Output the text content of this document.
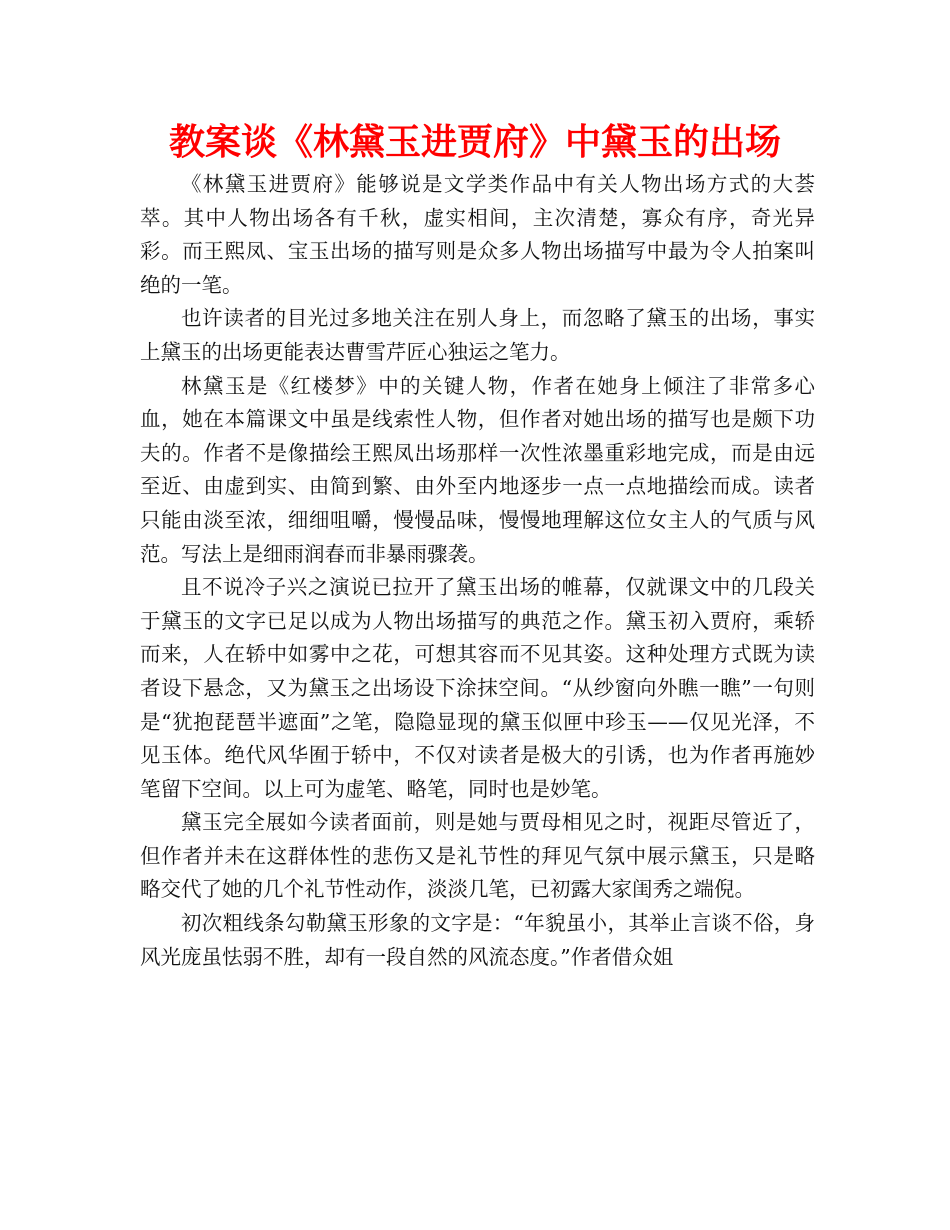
教案谈《林黛玉进贾府》中黛玉的出场

《林黛玉进贾府》能够说是文学类作品中有关人物出场方式的大荟萃。其中人物出场各有千秋，虚实相间，主次清楚，寡众有序，奇光异彩。而王熙凤、宝玉出场的描写则是众多人物出场描写中最为令人拍案叫绝的一笔。

也许读者的目光过多地关注在别人身上，而忽略了黛玉的出场，事实上黛玉的出场更能表达曹雪芹匠心独运之笔力。

林黛玉是《红楼梦》中的关键人物，作者在她身上倾注了非常多心血，她在本篇课文中虽是线索性人物，但作者对她出场的描写也是颇下功夫的。作者不是像描绘王熙凤出场那样一次性浓墨重彩地完成，而是由远至近、由虚到实、由简到繁、由外至内地逐步一点一点地描绘而成。读者只能由淡至浓，细细咀嚼，慢慢品味，慢慢地理解这位女主人的气质与风范。写法上是细雨润春而非暴雨骤袭。

且不说冷子兴之演说已拉开了黛玉出场的帷幕，仅就课文中的几段关于黛玉的文字已足以成为人物出场描写的典范之作。黛玉初入贾府，乘轿而来，人在轿中如雾中之花，可想其容而不见其姿。这种处理方式既为读者设下悬念，又为黛玉之出场设下涂抹空间。“从纱窗向外瞧一瞧”一句则是“犹抱琵琶半遮面”之笔，隐隐显现的黛玉似匣中珍玉——仅见光泽，不见玉体。绝代风华囿于轿中，不仅对读者是极大的引诱，也为作者再施妙笔留下空间。以上可为虚笔、略笔，同时也是妙笔。

黛玉完全展如今读者面前，则是她与贾母相见之时，视距尽管近了，但作者并未在这群体性的悲伤又是礼节性的拜见气氛中展示黛玉，只是略略交代了她的几个礼节性动作，淡淡几笔，已初露大家闺秀之端倪。

初次粗线条勾勒黛玉形象的文字是：“年貌虽小，其举止言谈不俗，身风光庞虽怯弱不胜，却有一段自然的风流态度。”作者借众姐
